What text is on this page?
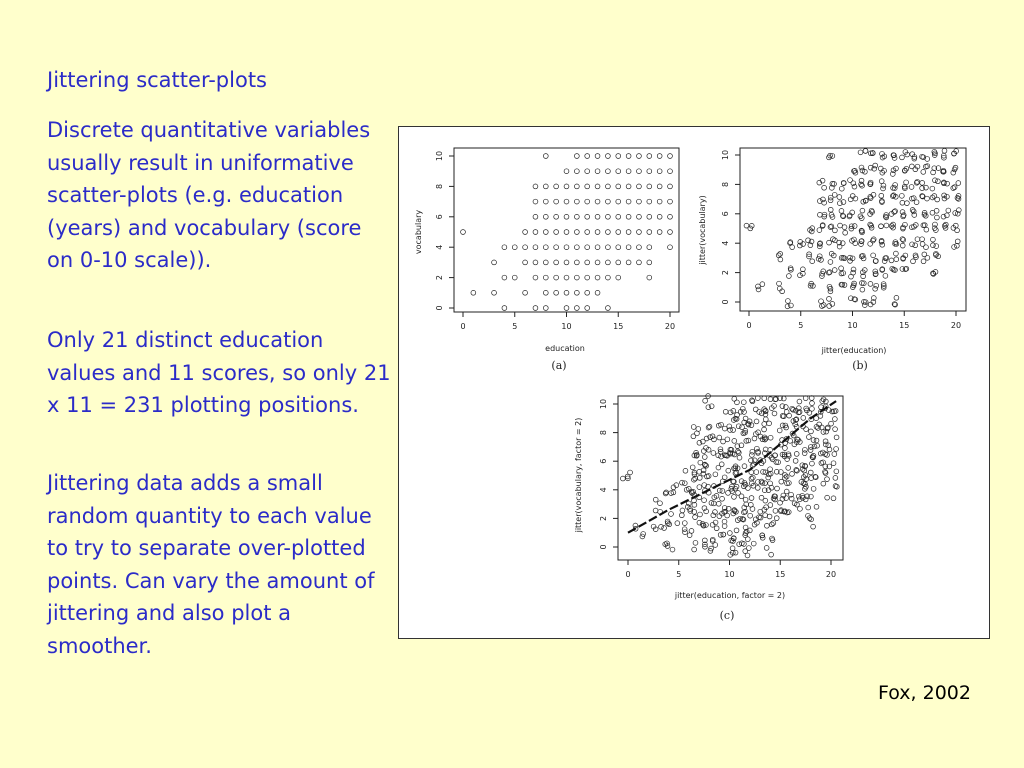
Jittering scatter-plots
Discrete quantitative variables usually result in uniformative scatter-plots (e.g. education (years) and vocabulary (score on 0-10 scale)).
Only 21 distinct education values and 11 scores, so only 21 x 11 = 231 plotting positions.
Jittering data adds a small random quantity to each value to try to separate over-plotted points. Can vary the amount of jittering and also plot a smoother.
0	5	10	15	20
0
2
4
6
8
10
education
vocabulary
(a)
0	5	10	15	20
0
2
4
6
8
10
jitter(education)
jitter(vocabulary)
(b)
0	5	10	15	20
0
2
4
6
8
10
jitter(education, factor = 2)
jitter(vocabulary, factor = 2)
(c)
Fox, 2002
